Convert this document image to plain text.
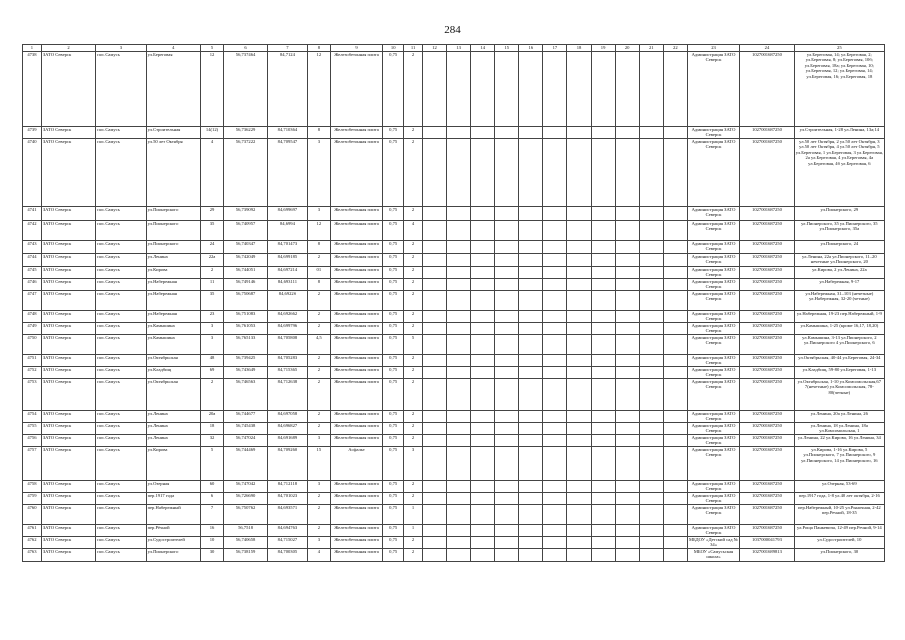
284
1	2	3	4	5	6	7	8	9	10	11	12	13	14	15	16	17	18	19	20	21	22	23	24	25
4738	ЗАТО Северск	пос.Самусь	ул.Береговая	12	56,737464	84,7124	12	Железобетонная плита	0,75	2												Администрация ЗАТО Северск	1027001687250	ул.Береговая, 14; ул.Береговая, 2; ул.Береговая, 8; ул.Береговая, 10б; ул.Береговая, 18а; ул.Береговая, 10; ул.Береговая, 12; ул.Береговая, 14; ул.Береговая, 16; ул.Береговая, 18
4739	ЗАТО Северск	пос.Самусь	ул.Строительная	14(12)	56,736229	84,710364	8	Железобетонная плита	0,75	2												Администрация ЗАТО Северск	1027001687250	ул.Строительная, 1-28 ул.Ленина, 13а;14
4740	ЗАТО Северск	пос.Самусь	ул.50 лет Октября	4	56,737222	84,709547	3	Железобетонная плита	0,75	2												Администрация ЗАТО Северск	1027001687250	ул.50 лет Октября, 2 ул.50 лет Октября, 3 ул.50 лет Октября, 4 ул.50 лет Октября, 5 ул.Береговая, 1 ул.Береговая, 3 ул.Береговая, 2а ул.Береговая, 4 ул.Береговая, 4а ул.Береговая, 4б ул.Береговая, 6
4741	ЗАТО Северск	пос.Самусь	ул.Пионерского	29	56,739092	84,699697	3	Железобетонная плита	0,75	2												Администрация ЗАТО Северск	1027001687250	ул.Пионерского, 29
4742	ЗАТО Северск	пос.Самусь	ул.Пионерского	35	56,740957	84,6994	12	Железобетонная плита	0,75	4												Администрация ЗАТО Северск	1027001687250	ул.Пионерского, 35 ул.Пионерского, 35 ул.Пионерского, 35а
4743	ЗАТО Северск	пос.Самусь	ул.Пионерского	24	56,740347	84,701473	8	Железобетонная плита	0,75	2												Администрация ЗАТО Северск	1027001687250	ул.Пионерского, 24
4744	ЗАТО Северск	пос.Самусь	ул.Ленина	22а	56,742049	84,699185	2	Железобетонная плита	0,75	2												Администрация ЗАТО Северск	1027001687250	ул.Ленина, 22а ул.Пионерского, 11–20 нечетные ул.Пионерского, 20
4745	ЗАТО Северск	пос.Самусь	ул.Кирова	2	56,744051	84,697214	01	Железобетонная плита	0,75	2												Администрация ЗАТО Северск	1027001687250	ул.Кирова, 2 ул.Ленина, 22а
4746	ЗАТО Северск	пос.Самусь	ул.Набережная	11	56,749146	84,693111	8	Железобетонная плита	0,75	2												Администрация ЗАТО Северск	1027001687250	ул.Набережная, 9-17
4747	ЗАТО Северск	пос.Самусь	ул.Набережная	35	56,750687	84,6922б	2	Железобетонная плита	0,75	2												Администрация ЗАТО Северск	1027001687250	ул.Набережная, 31–103 (нечетные) ул.Набережная, 32-20 (четные)
4748	ЗАТО Северск	пос.Самусь	ул.Набережная	23	56,751083	84,692662	2	Железобетонная плита	0,75	2												Администрация ЗАТО Северск	1027001687250	ул.Набережная, 19-23 пер.Набережный, 1-9
4749	ЗАТО Северск	пос.Самусь	ул.Камышина	3	56,761053	84,699796	2	Железобетонная плита	0,75	2												Администрация ЗАТО Северск	1027001687250	ул.Камышина, 1-25 (кроме 16,17, 18,20)
4750	ЗАТО Северск	пос.Самусь	ул.Камышина	3	56,765133	84,705808	4,5	Железобетонная плита	0,75	5												Администрация ЗАТО Северск	1027001687250	ул.Камышина, 3-13 ул.Пионерского, 2 ул.Пионерского 4 ул.Пионерского, 6
4751	ЗАТО Северск	пос.Самусь	ул.Октябрьская	48	56,739425	84,705283	2	Железобетонная плита	0,75	2												Администрация ЗАТО Северск	1027001687250	ул.Октябрьская, 40-44 ул.Береговая, 24-34
4752	ЗАТО Северск	пос.Самусь	ул.Кладбищ	69	56,743649	84,715365	2	Железобетонная плита	0,75	2												Администрация ЗАТО Северск	1027001687250	ул.Кладбищ, 59-80 ул.Береговая, 1-13
4753	ЗАТО Северск	пос.Самусь	ул.Октябрьская	2	56,746563	84,712638	2	Железобетонная плита	0,75	2												Администрация ЗАТО Северск	1027001687250	ул.Октябрьская, 1-10 ул.Комсомольская,67 7(нечетные) ул.Комсомольская, 78-80(четные)
4754	ЗАТО Северск	пос.Самусь	ул.Ленина	20а	56,744677	84,697058	2	Железобетонная плита	0,75	2												Администрация ЗАТО Северск	1027001687250	ул.Ленина, 20а ул.Ленина, 26
4755	ЗАТО Северск	пос.Самусь	ул.Ленина	18	56,745438	84,696827	2	Железобетонная плита	0,75	2												Администрация ЗАТО Северск	1027001687250	ул.Ленина, 18 ул.Ленина, 18а ул.Комсомольская, 1
4756	ЗАТО Северск	пос.Самусь	ул.Ленина	32	56,747024	84,691689	3	Железобетонная плита	0,75	2												Администрация ЗАТО Северск	1027001687250	ул.Ленина, 22 ул.Кирова, 16 ул.Ленина, 34
4757	ЗАТО Северск	пос.Самусь	ул.Кирова	5	56,744469	84,709260	15	Асфальт	0,75	3												Администрация ЗАТО Северск	1027001687250	ул.Кирова, 1-16 ул.Кирова, 5 ул.Пионерского, 7 ул.Пионерского, 9 ул.Пионерского, 14 ул.Пионерского, 16
4758	ЗАТО Северск	пос.Самусь	ул.Озерная	60	56,747042	84,712118	3	Железобетонная плита	0,75	2												Администрация ЗАТО Северск	1027001687250	ул.Озерная, 53-69
4759	ЗАТО Северск	пос.Самусь	пер.1917 года	6	56,726690	84,701023	2	Железобетонная плита	0,75	2												Администрация ЗАТО Северск	1027001687250	пер.1917 года, 1-8 ул.40 лет октября, 2-16
4760	ЗАТО Северск	пос.Самусь	пер.Набережный	7	56,750762	84,693571	2	Железобетонная плита	0,75	1												Администрация ЗАТО Северск	1027001687250	пер.Набережный, 10-25 ул.Рыночная, 2-42 пер.Речной, 18-35
4761	ЗАТО Северск	пос.Самусь	пер.Рѐчной	16	56,7518	84,694763	2	Железобетонная плита	0,75	1												Администрация ЗАТО Северск	1027001687250	ул.Роща Панкевича, 12-49 пер.Речной, 9-14
4762	ЗАТО Северск	пос.Самусь	ул.Судостроителей	10	56,740658	84,715027	3	Железобетонная плита	0,75	2												МБДОУ «Детский сад № 34»	1037000041793	ул.Судостроителей, 10
4763	ЗАТО Северск	пос.Самусь	ул.Пионерского	30	56,738159	84,700305	4	Железобетонная плита	0,75	2												МБОУ «Самусьская школа»	1027001689813	ул.Пионерского, 30
